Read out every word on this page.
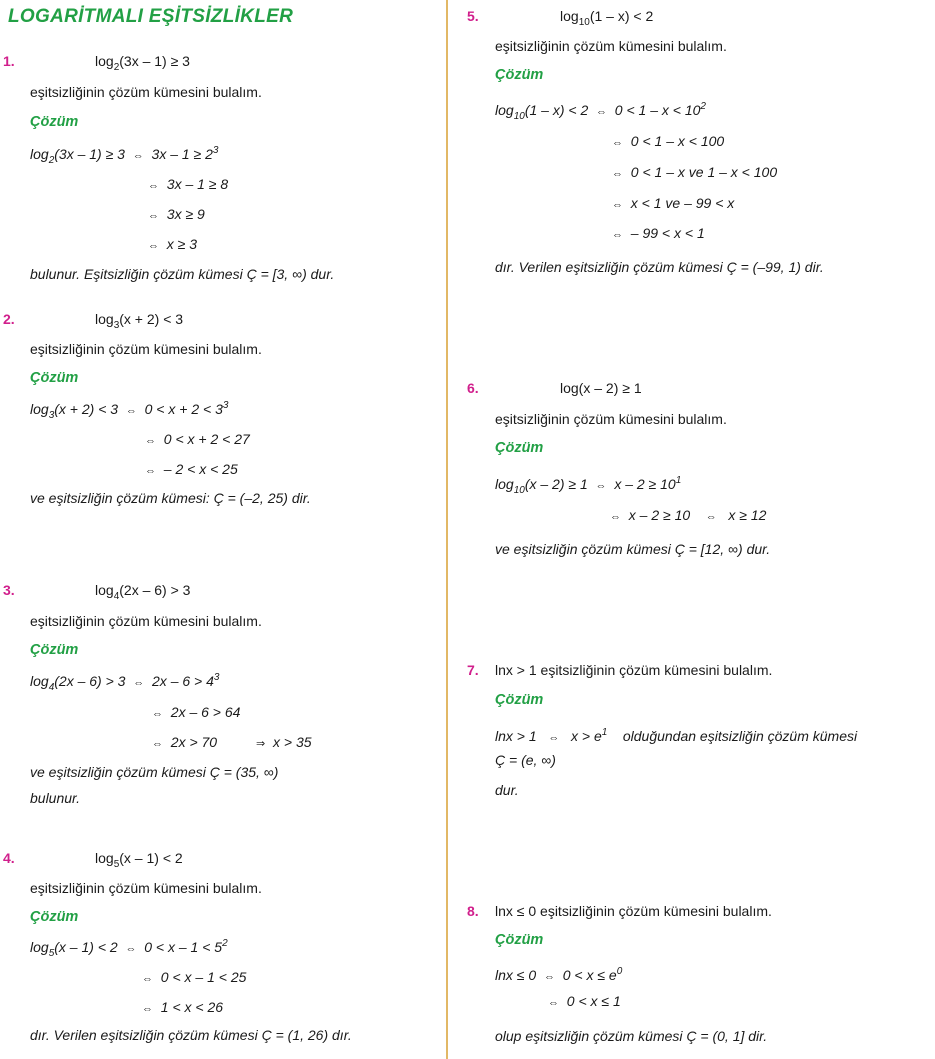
LOGARİTMALI EŞİTSİZLİKLER
1.	$\log_2(3x - 1) \ge 3$
eşitsizliğinin çözüm kümesini bulalım.
Çözüm
$\log_2(3x - 1) \ge 3$ ⇔ $3x - 1 \ge 2^3$
⇔ 3x – 1 ≥ 8
⇔ 3x ≥ 9
⇔ x ≥ 3
bulunur. Eşitsizliğin çözüm kümesi Ç = [3, ∞) dur.
2.	$\log_3(x + 2) < 3$
eşitsizliğinin çözüm kümesini bulalım.
Çözüm
$\log_3(x + 2) < 3$ ⇔ $0 < x + 2 < 3^3$
⇔ 0 < x + 2 < 27
⇔ – 2 < x < 25
ve eşitsizliğin çözüm kümesi: Ç = (–2, 25) dir.
3.	$\log_4(2x - 6) > 3$
eşitsizliğinin çözüm kümesini bulalım.
Çözüm
$\log_4(2x - 6) > 3$ ⇔ $2x - 6 > 4^3$
⇔ 2x – 6 > 64
⇔ 2x > 70	⇒ x > 35
ve eşitsizliğin çözüm kümesi Ç = (35, ∞)
bulunur.
4.	$\log_5(x - 1) < 2$
eşitsizliğinin çözüm kümesini bulalım.
Çözüm
$\log_5(x - 1) < 2$ ⇔ $0 < x - 1 < 5^2$
⇔ 0 < x – 1 < 25
⇔ 1 < x < 26
dır. Verilen eşitsizliğin çözüm kümesi Ç = (1, 26) dır.
5.	$\log_{10}(1 - x) < 2$
eşitsizliğinin çözüm kümesini bulalım.
Çözüm
$\log_{10}(1 - x) < 2$ ⇔ $0 < 1 - x < 10^2$
⇔ 0 < 1 – x < 100
⇔ 0 < 1 – x ve 1 – x < 100
⇔ x < 1 ve – 99 < x
⇔ – 99 < x < 1
dır. Verilen eşitsizliğin çözüm kümesi Ç = (–99, 1) dir.
6.	log(x – 2) ≥ 1
eşitsizliğinin çözüm kümesini bulalım.
Çözüm
$\log_{10}(x - 2) \ge 1$ ⇔ $x - 2 \ge 10^1$
⇔ x – 2 ≥ 10 ⇔ x ≥ 12
ve eşitsizliğin çözüm kümesi Ç = [12, ∞) dur.
7. lnx > 1 eşitsizliğinin çözüm kümesini bulalım.
Çözüm
lnx > 1 ⇔ $x > e^1$ olduğundan eşitsizliğin çözüm kümesi
Ç = (e, ∞)
dur.
8. lnx ≤ 0 eşitsizliğinin çözüm kümesini bulalım.
Çözüm
lnx ≤ 0 ⇔ $0 < x \le e^0$
⇔ 0 < x ≤ 1
olup eşitsizliğin çözüm kümesi Ç = (0, 1] dir.
